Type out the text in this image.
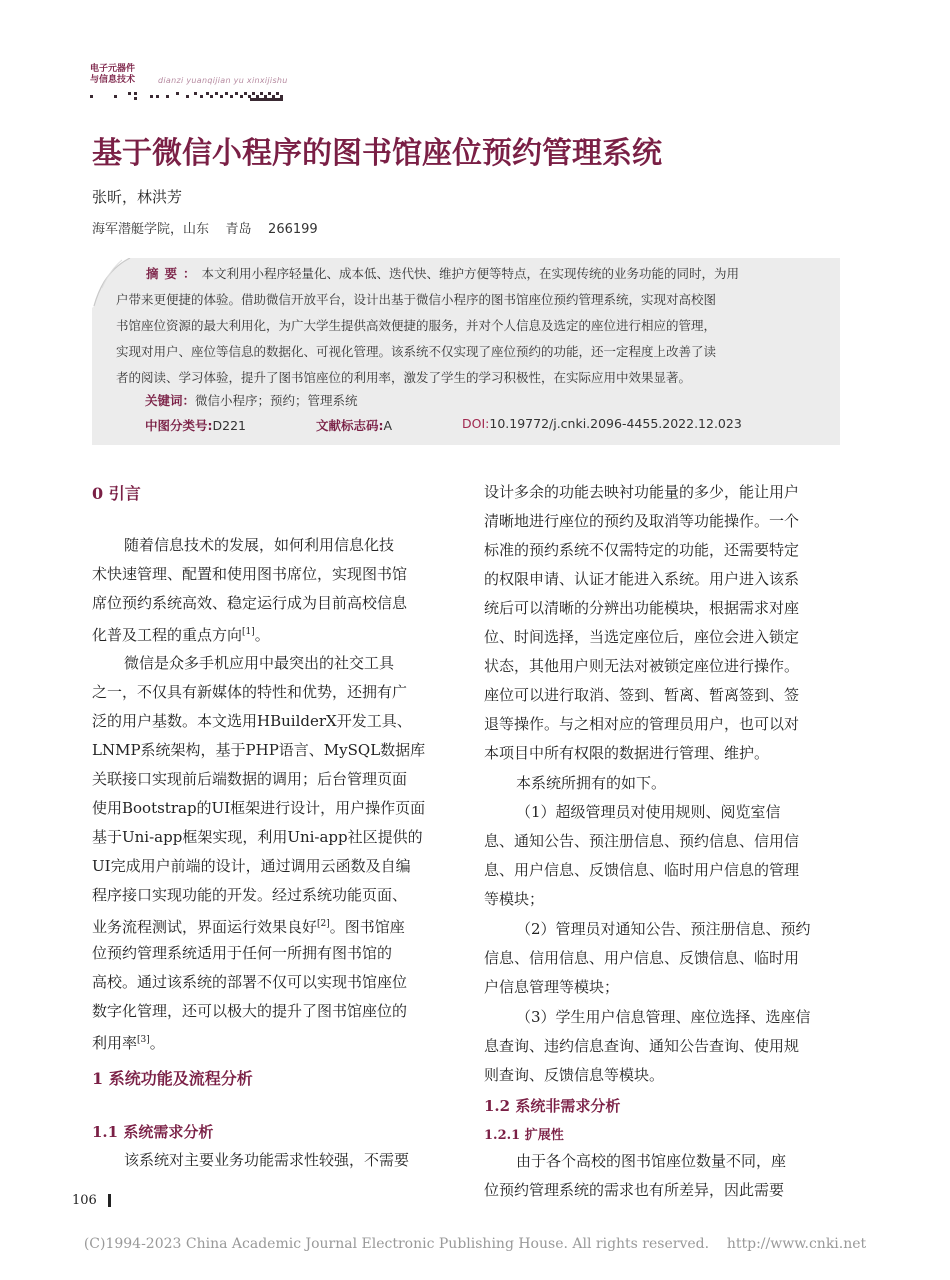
电子元器件
与信息技术	dianzi yuanqijian yu xinxijishu
基于微信小程序的图书馆座位预约管理系统
张昕，林洪芳
海军潜艇学院，山东    青岛    266199
摘要：本文利用小程序轻量化、成本低、迭代快、维护方便等特点，在实现传统的业务功能的同时，为用
户带来更便捷的体验。借助微信开放平台，设计出基于微信小程序的图书馆座位预约管理系统，实现对高校图
书馆座位资源的最大利用化，为广大学生提供高效便捷的服务，并对个人信息及选定的座位进行相应的管理，
实现对用户、座位等信息的数据化、可视化管理。该系统不仅实现了座位预约的功能，还一定程度上改善了读
者的阅读、学习体验，提升了图书馆座位的利用率，激发了学生的学习积极性，在实际应用中效果显著。
关键词：微信小程序；预约；管理系统
中图分类号:D221	文献标志码:A	DOI:10.19772/j.cnki.2096-4455.2022.12.023
0 引言
随着信息技术的发展，如何利用信息化技
术快速管理、配置和使用图书席位，实现图书馆
席位预约系统高效、稳定运行成为目前高校信息
化普及工程的重点方向[1]。
微信是众多手机应用中最突出的社交工具
之一，不仅具有新媒体的特性和优势，还拥有广
泛的用户基数。本文选用HBuilderX开发工具、
LNMP系统架构，基于PHP语言、MySQL数据库
关联接口实现前后端数据的调用；后台管理页面
使用Bootstrap的UI框架进行设计，用户操作页面
基于Uni-app框架实现，利用Uni-app社区提供的
UI完成用户前端的设计，通过调用云函数及自编
程序接口实现功能的开发。经过系统功能页面、
业务流程测试，界面运行效果良好[2]。图书馆座
位预约管理系统适用于任何一所拥有图书馆的
高校。通过该系统的部署不仅可以实现书馆座位
数字化管理，还可以极大的提升了图书馆座位的
利用率[3]。
1 系统功能及流程分析
1.1 系统需求分析
该系统对主要业务功能需求性较强，不需要
设计多余的功能去映衬功能量的多少，能让用户
清晰地进行座位的预约及取消等功能操作。一个
标准的预约系统不仅需特定的功能，还需要特定
的权限申请、认证才能进入系统。用户进入该系
统后可以清晰的分辨出功能模块，根据需求对座
位、时间选择，当选定座位后，座位会进入锁定
状态，其他用户则无法对被锁定座位进行操作。
座位可以进行取消、签到、暂离、暂离签到、签
退等操作。与之相对应的管理员用户，也可以对
本项目中所有权限的数据进行管理、维护。
本系统所拥有的如下。
（1）超级管理员对使用规则、阅览室信
息、通知公告、预注册信息、预约信息、信用信
息、用户信息、反馈信息、临时用户信息的管理
等模块；
（2）管理员对通知公告、预注册信息、预约
信息、信用信息、用户信息、反馈信息、临时用
户信息管理等模块；
（3）学生用户信息管理、座位选择、选座信
息查询、违约信息查询、通知公告查询、使用规
则查询、反馈信息等模块。
1.2 系统非需求分析
1.2.1 扩展性
由于各个高校的图书馆座位数量不同，座
位预约管理系统的需求也有所差异，因此需要
106
(C)1994-2023 China Academic Journal Electronic Publishing House. All rights reserved.    http://www.cnki.net
